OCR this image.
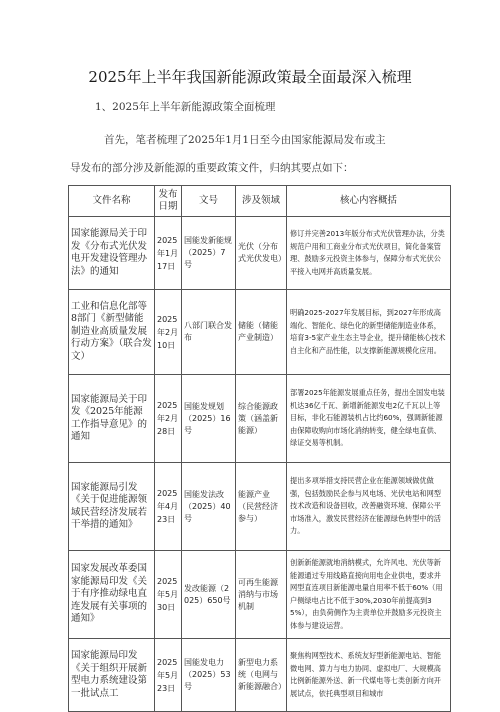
2025年上半年我国新能源政策最全面最深入梳理
1、2025年上半年新能源政策全面梳理
首先，笔者梳理了2025年1月1日至今由国家能源局发布或主
导发布的部分涉及新能源的重要政策文件，归纳其要点如下：
文件名称	发布日期	文号	涉及领域	核心内容概括
国家能源局关于印发《分布式光伏发电开发建设管理办法》的通知	2025年1月17日	国能发新能规（2025）7号	光伏（分布式光伏发电）	修订并完善2013年版分布式光伏管理办法，分类规范户用和工商业分布式光伏项目，简化备案管理、鼓励多元投资主体参与，保障分布式光伏公平接入电网并高质量发展。
工业和信息化部等8部门《新型储能制造业高质量发展行动方案》（联合发文）	2025年2月10日	八部门联合发布	储能（储能产业制造）	明确2025-2027年发展目标，到2027年形成高端化、智能化、绿色化的新型储能制造业体系，培育3-5家产业生态主导企业，提升储能核心技术自主化和产品性能，以支撑新能源规模化应用。
国家能源局关于印发《2025年能源工作指导意见》的通知	2025年2月28日	国能发规划（2025）16号	综合能源政策（涵盖新能源）	部署2025年能源发展重点任务，提出全国发电装机达36亿千瓦、新增新能源发电2亿千瓦以上等目标，非化石能源装机占比约60%，强调新能源由保障收购向市场化消纳转变，健全绿电直供、绿证交易等机制。
国家能源局引发《关于促进能源领域民营经济发展若干举措的通知》	2025年4月23日	国能发法改（2025）40号	能源产业（民营经济参与）	提出多项举措支持民营企业在能源领域做优做强，包括鼓励民企参与风电场、光伏电站和网型技术改造和设备回收，改善融资环境、保障公平市场准入，激发民营经济在能源绿色转型中的活力。
国家发展改革委国家能源局印发《关于有序推动绿电直连发展有关事项的通知》	2025年5月30日	发改能源（2025）650号	可再生能源消纳与市场机制	创新新能源就地消纳模式，允许风电、光伏等新能源通过专用线路直接向用电企业供电，要求并网型直连项目新能源电量自用率不低于60%（用户侧绿电占比不低于30%,2030年前提高到35%），由负荷侧作为主责单位并鼓励多元投资主体参与建设运营。
国家能源局印发《关于组织开展新型电力系统建设第一批试点工	2025年5月23日	国能发电力（2025）53号	新型电力系统（电网与新能源融合）	聚焦构网型技术、系统友好型新能源电站、智能微电网、算力与电力协同、虚拟电厂、大规模高比例新能源外送、新一代煤电等七类创新方向开展试点，依托典型项目和城市
